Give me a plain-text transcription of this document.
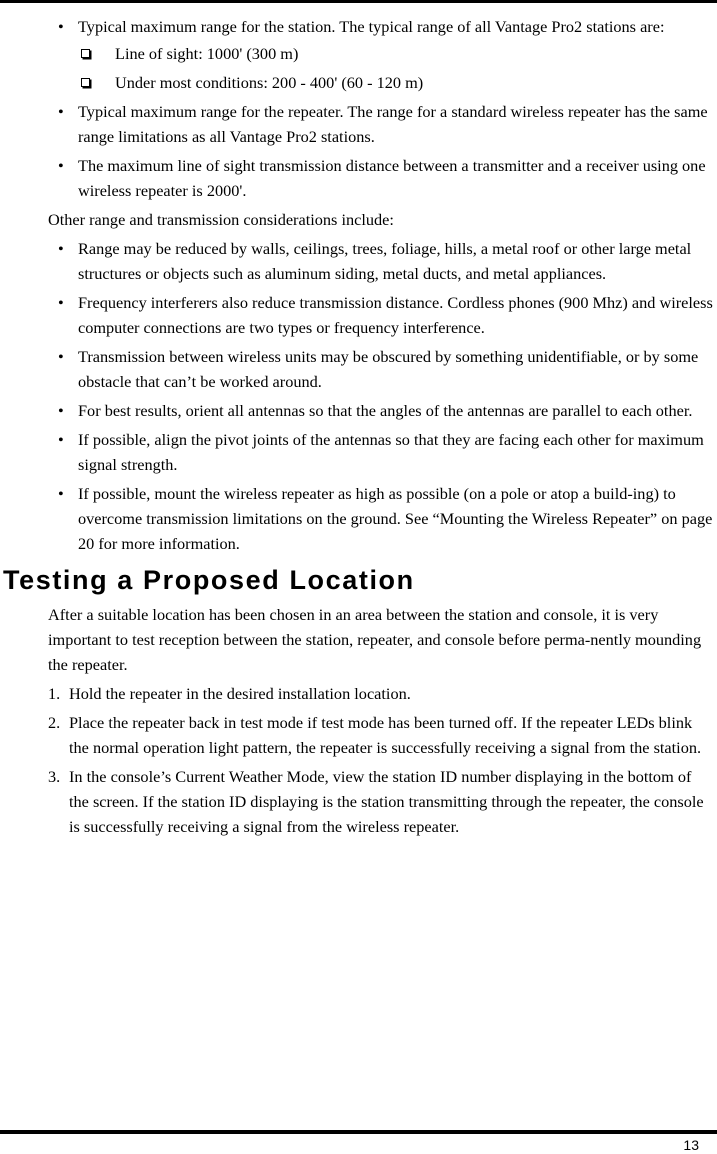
• Typical maximum range for the station. The typical range of all Vantage Pro2 stations are:
Line of sight: 1000' (300 m)
Under most conditions: 200 - 400' (60 - 120 m)
• Typical maximum range for the repeater. The range for a standard wireless repeater has the same range limitations as all Vantage Pro2 stations.
• The maximum line of sight transmission distance between a transmitter and a receiver using one wireless repeater is 2000'.

Other range and transmission considerations include:

• Range may be reduced by walls, ceilings, trees, foliage, hills, a metal roof or other large metal structures or objects such as aluminum siding, metal ducts, and metal appliances.
• Frequency interferers also reduce transmission distance. Cordless phones (900 Mhz) and wireless computer connections are two types or frequency interference.
• Transmission between wireless units may be obscured by something unidentifiable, or by some obstacle that can’t be worked around.
• For best results, orient all antennas so that the angles of the antennas are parallel to each other.
• If possible, align the pivot joints of the antennas so that they are facing each other for maximum signal strength.
• If possible, mount the wireless repeater as high as possible (on a pole or atop a build-ing) to overcome transmission limitations on the ground. See “Mounting the Wireless Repeater” on page 20 for more information.
Testing a Proposed Location

After a suitable location has been chosen in an area between the station and console, it is very important to test reception between the station, repeater, and console before perma-nently mounding the repeater.

1. Hold the repeater in the desired installation location.
2. Place the repeater back in test mode if test mode has been turned off. If the repeater LEDs blink the normal operation light pattern, the repeater is successfully receiving a signal from the station.
3. In the console’s Current Weather Mode, view the station ID number displaying in the bottom of the screen. If the station ID displaying is the station transmitting through the repeater, the console is successfully receiving a signal from the wireless repeater.
13
